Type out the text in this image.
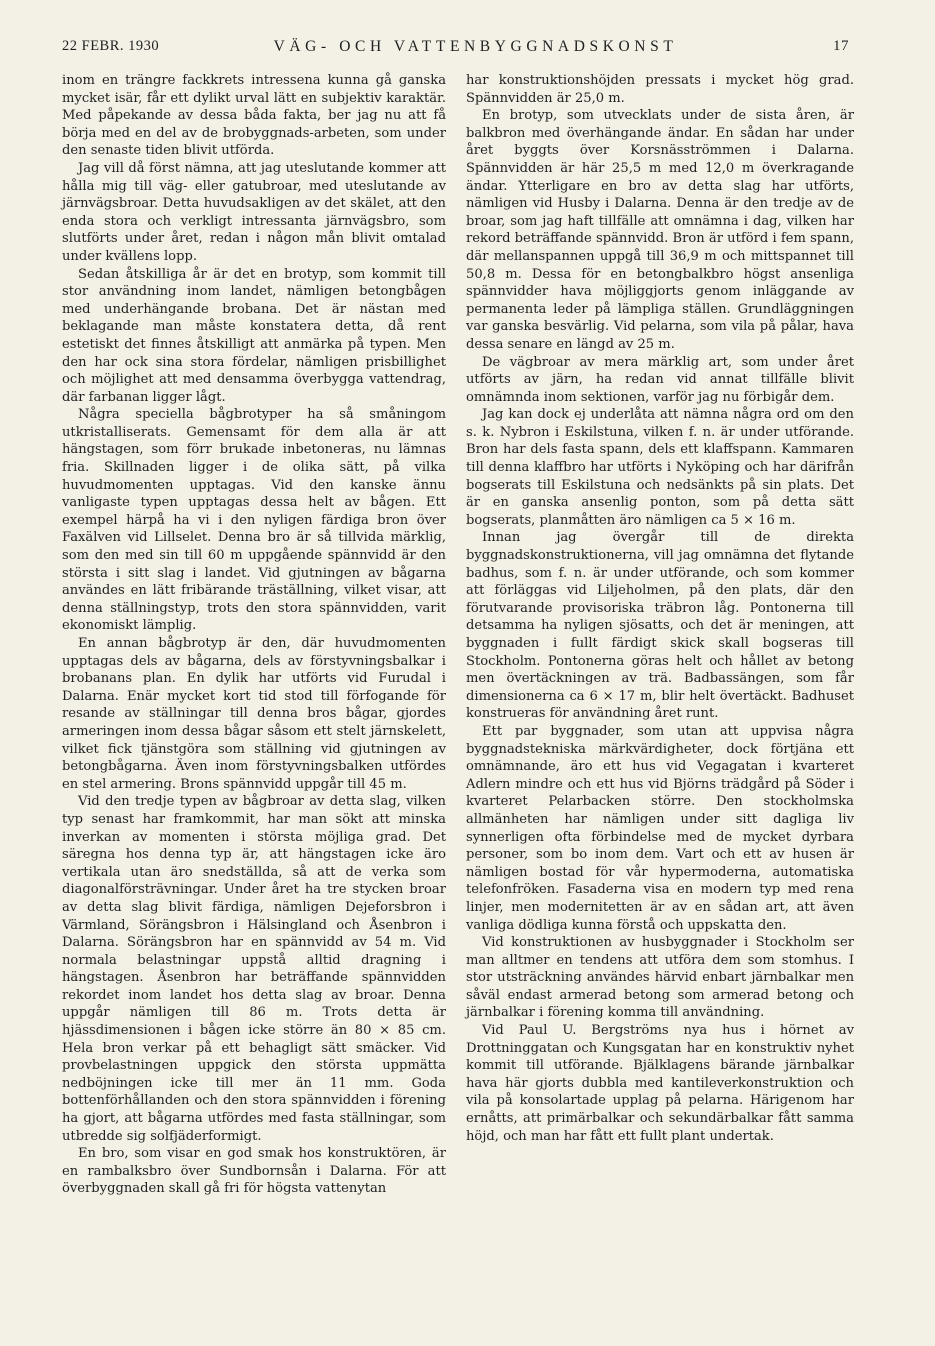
22 FEBR. 1930	VÄG- OCH VATTENBYGGNADSKONST	17

inom en trängre fackkrets intressena kunna gå ganska mycket isär, får ett dylikt urval lätt en subjektiv karaktär. Med påpekande av dessa båda fakta, ber jag nu att få börja med en del av de brobyggnads-arbeten, som under den senaste tiden blivit utförda.

Jag vill då först nämna, att jag uteslutande kommer att hålla mig till väg- eller gatubroar, med uteslutande av järnvägsbroar. Detta huvudsakligen av det skälet, att den enda stora och verkligt intressanta järnvägsbro, som slutförts under året, redan i någon mån blivit omtalad under kvällens lopp.

Sedan åtskilliga år är det en brotyp, som kommit till stor användning inom landet, nämligen betongbågen med underhängande brobana. Det är nästan med beklagande man måste konstatera detta, då rent estetiskt det finnes åtskilligt att anmärka på typen. Men den har ock sina stora fördelar, nämligen prisbillighet och möjlighet att med densamma överbygga vattendrag, där farbanan ligger lågt.

Några speciella bågbrotyper ha så småningom utkristalliserats. Gemensamt för dem alla är att hängstagen, som förr brukade inbetoneras, nu lämnas fria. Skillnaden ligger i de olika sätt, på vilka huvudmomenten upptagas. Vid den kanske ännu vanligaste typen upptagas dessa helt av bågen. Ett exempel härpå ha vi i den nyligen färdiga bron över Faxälven vid Lillselet. Denna bro är så tillvida märklig, som den med sin till 60 m uppgående spännvidd är den största i sitt slag i landet. Vid gjutningen av bågarna användes en lätt fribärande träställning, vilket visar, att denna ställningstyp, trots den stora spännvidden, varit ekonomiskt lämplig.

En annan bågbrotyp är den, där huvudmomenten upptagas dels av bågarna, dels av förstyvningsbalkar i brobanans plan. En dylik har utförts vid Furudal i Dalarna. Enär mycket kort tid stod till förfogande för resande av ställningar till denna bros bågar, gjordes armeringen inom dessa bågar såsom ett stelt järnskelett, vilket fick tjänstgöra som ställning vid gjutningen av betongbågarna. Även inom förstyvningsbalken utfördes en stel armering. Brons spännvidd uppgår till 45 m.

Vid den tredje typen av bågbroar av detta slag, vilken typ senast har framkommit, har man sökt att minska inverkan av momenten i största möjliga grad. Det säregna hos denna typ är, att hängstagen icke äro vertikala utan äro snedställda, så att de verka som diagonalförsträvningar. Under året ha tre stycken broar av detta slag blivit färdiga, nämligen Dejeforsbron i Värmland, Sörängsbron i Hälsingland och Åsenbron i Dalarna. Sörängsbron har en spännvidd av 54 m. Vid normala belastningar uppstå alltid dragning i hängstagen. Åsenbron har beträffande spännvidden rekordet inom landet hos detta slag av broar. Denna uppgår nämligen till 86 m. Trots detta är hjässdimensionen i bågen icke större än 80 × 85 cm. Hela bron verkar på ett behagligt sätt smäcker. Vid provbelastningen uppgick den största uppmätta nedböjningen icke till mer än 11 mm. Goda bottenförhållanden och den stora spännvidden i förening ha gjort, att bågarna utfördes med fasta ställningar, som utbredde sig solfjäderformigt.

En bro, som visar en god smak hos konstruktören, är en rambalksbro över Sundbornsån i Dalarna. För att överbyggnaden skall gå fri för högsta vattenytan

har konstruktionshöjden pressats i mycket hög grad. Spännvidden är 25,0 m.

En brotyp, som utvecklats under de sista åren, är balkbron med överhängande ändar. En sådan har under året byggts över Korsnäsströmmen i Dalarna. Spännvidden är här 25,5 m med 12,0 m överkragande ändar. Ytterligare en bro av detta slag har utförts, nämligen vid Husby i Dalarna. Denna är den tredje av de broar, som jag haft tillfälle att omnämna i dag, vilken har rekord beträffande spännvidd. Bron är utförd i fem spann, där mellanspannen uppgå till 36,9 m och mittspannet till 50,8 m. Dessa för en betongbalkbro högst ansenliga spännvidder hava möjliggjorts genom inläggande av permanenta leder på lämpliga ställen. Grundläggningen var ganska besvärlig. Vid pelarna, som vila på pålar, hava dessa senare en längd av 25 m.

De vägbroar av mera märklig art, som under året utförts av järn, ha redan vid annat tillfälle blivit omnämnda inom sektionen, varför jag nu förbigår dem.

Jag kan dock ej underlåta att nämna några ord om den s. k. Nybron i Eskilstuna, vilken f. n. är under utförande. Bron har dels fasta spann, dels ett klaffspann. Kammaren till denna klaffbro har utförts i Nyköping och har därifrån bogserats till Eskilstuna och nedsänkts på sin plats. Det är en ganska ansenlig ponton, som på detta sätt bogserats, planmåtten äro nämligen ca 5 × 16 m.

Innan jag övergår till de direkta byggnadskonstruktionerna, vill jag omnämna det flytande badhus, som f. n. är under utförande, och som kommer att förläggas vid Liljeholmen, på den plats, där den förutvarande provisoriska träbron låg. Pontonerna till detsamma ha nyligen sjösatts, och det är meningen, att byggnaden i fullt färdigt skick skall bogseras till Stockholm. Pontonerna göras helt och hållet av betong men övertäckningen av trä. Badbassängen, som får dimensionerna ca 6 × 17 m, blir helt övertäckt. Badhuset konstrueras för användning året runt.

Ett par byggnader, som utan att uppvisa några byggnadstekniska märkvärdigheter, dock förtjäna ett omnämnande, äro ett hus vid Vegagatan i kvarteret Adlern mindre och ett hus vid Björns trädgård på Söder i kvarteret Pelarbacken större. Den stockholmska allmänheten har nämligen under sitt dagliga liv synnerligen ofta förbindelse med de mycket dyrbara personer, som bo inom dem. Vart och ett av husen är nämligen bostad för vår hypermoderna, automatiska telefonfröken. Fasaderna visa en modern typ med rena linjer, men modernitetten är av en sådan art, att även vanliga dödliga kunna förstå och uppskatta den.

Vid konstruktionen av husbyggnader i Stockholm ser man alltmer en tendens att utföra dem som stomhus. I stor utsträckning användes härvid enbart järnbalkar men såväl endast armerad betong som armerad betong och järnbalkar i förening komma till användning.

Vid Paul U. Bergströms nya hus i hörnet av Drottninggatan och Kungsgatan har en konstruktiv nyhet kommit till utförande. Bjälklagens bärande järnbalkar hava här gjorts dubbla med kantileverkonstruktion och vila på konsolartade upplag på pelarna. Härigenom har ernåtts, att primärbalkar och sekundärbalkar fått samma höjd, och man har fått ett fullt plant undertak.
